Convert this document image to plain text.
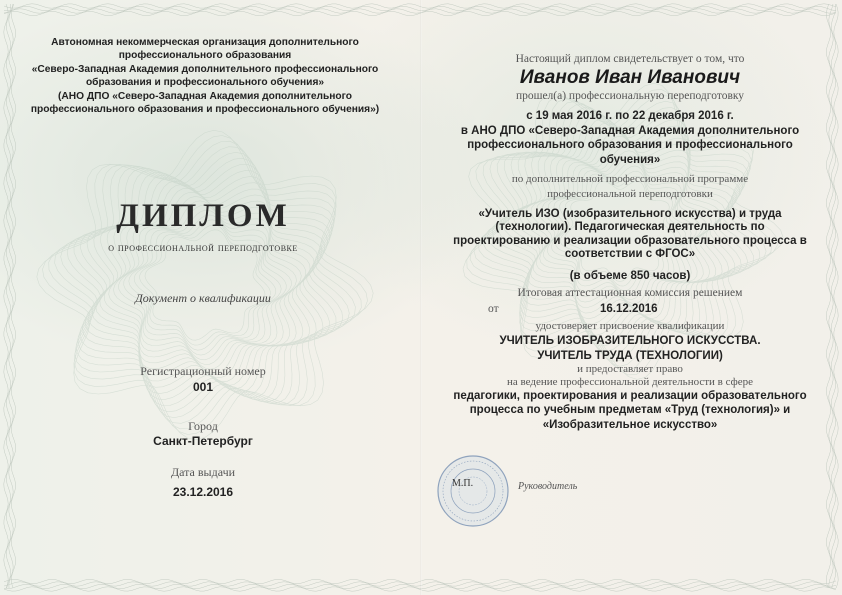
Автономная некоммерческая организация дополнительного
профессионального образования
«Северо-Западная Академия дополнительного профессионального
образования и профессионального обучения»
(АНО ДПО «Северо-Западная Академия дополнительного
профессионального образования и профессионального обучения»)
ДИПЛОМ
о профессиональной переподготовке
Документ о квалификации
Регистрационный номер
001
Город
Санкт-Петербург
Дата выдачи
23.12.2016
Настоящий диплом свидетельствует о том, что
Иванов Иван Иванович
прошел(а) профессиональную переподготовку
с 19 мая 2016 г. по 22 декабря 2016 г.
в АНО ДПО «Северо-Западная Академия дополнительного
профессионального образования и профессионального
обучения»
по дополнительной профессиональной программе
профессиональной переподготовки
«Учитель ИЗО (изобразительного искусства) и труда
(технологии). Педагогическая деятельность по
проектированию и реализации образовательного процесса в
соответствии с ФГОС»
(в объеме 850 часов)
Итоговая аттестационная комиссия решением
от	16.12.2016
удостоверяет присвоение квалификации
УЧИТЕЛЬ ИЗОБРАЗИТЕЛЬНОГО ИСКУССТВА.
УЧИТЕЛЬ ТРУДА (ТЕХНОЛОГИИ)
и предоставляет право
на ведение профессиональной деятельности в сфере
педагогики, проектирования и реализации образовательного
процесса по учебным предметам «Труд (технология)» и
«Изобразительное искусство»
М.П.	Руководитель
